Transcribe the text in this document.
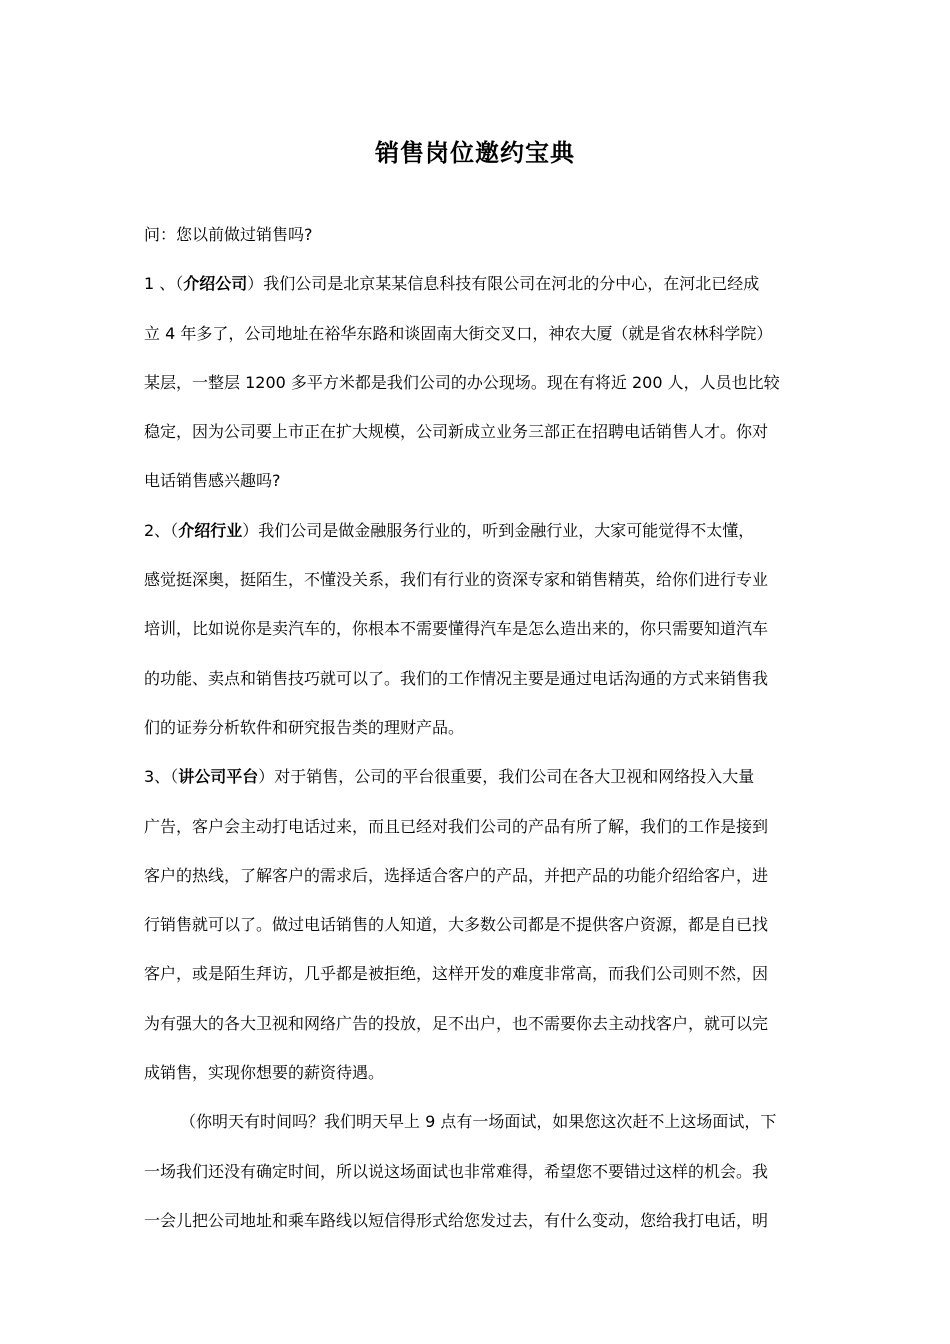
销售岗位邀约宝典
问：您以前做过销售吗?
1 、（介绍公司）我们公司是北京某某信息科技有限公司在河北的分中心，在河北已经成
立 4 年多了，公司地址在裕华东路和谈固南大街交叉口，神农大厦（就是省农林科学院）
某层，一整层 1200 多平方米都是我们公司的办公现场。现在有将近 200 人，人员也比较
稳定，因为公司要上市正在扩大规模，公司新成立业务三部正在招聘电话销售人才。你对
电话销售感兴趣吗?
2、（介绍行业）我们公司是做金融服务行业的，听到金融行业，大家可能觉得不太懂，
感觉挺深奥，挺陌生，不懂没关系，我们有行业的资深专家和销售精英，给你们进行专业
培训，比如说你是卖汽车的，你根本不需要懂得汽车是怎么造出来的，你只需要知道汽车
的功能、卖点和销售技巧就可以了。我们的工作情况主要是通过电话沟通的方式来销售我
们的证券分析软件和研究报告类的理财产品。
3、（讲公司平台）对于销售，公司的平台很重要，我们公司在各大卫视和网络投入大量
广告，客户会主动打电话过来，而且已经对我们公司的产品有所了解，我们的工作是接到
客户的热线，了解客户的需求后，选择适合客户的产品，并把产品的功能介绍给客户，进
行销售就可以了。做过电话销售的人知道，大多数公司都是不提供客户资源，都是自已找
客户，或是陌生拜访，几乎都是被拒绝，这样开发的难度非常高，而我们公司则不然，因
为有强大的各大卫视和网络广告的投放，足不出户，也不需要你去主动找客户，就可以完
成销售，实现你想要的薪资待遇。
（你明天有时间吗？我们明天早上 9 点有一场面试，如果您这次赶不上这场面试，下
一场我们还没有确定时间，所以说这场面试也非常难得，希望您不要错过这样的机会。我
一会儿把公司地址和乘车路线以短信得形式给您发过去，有什么变动，您给我打电话，明
